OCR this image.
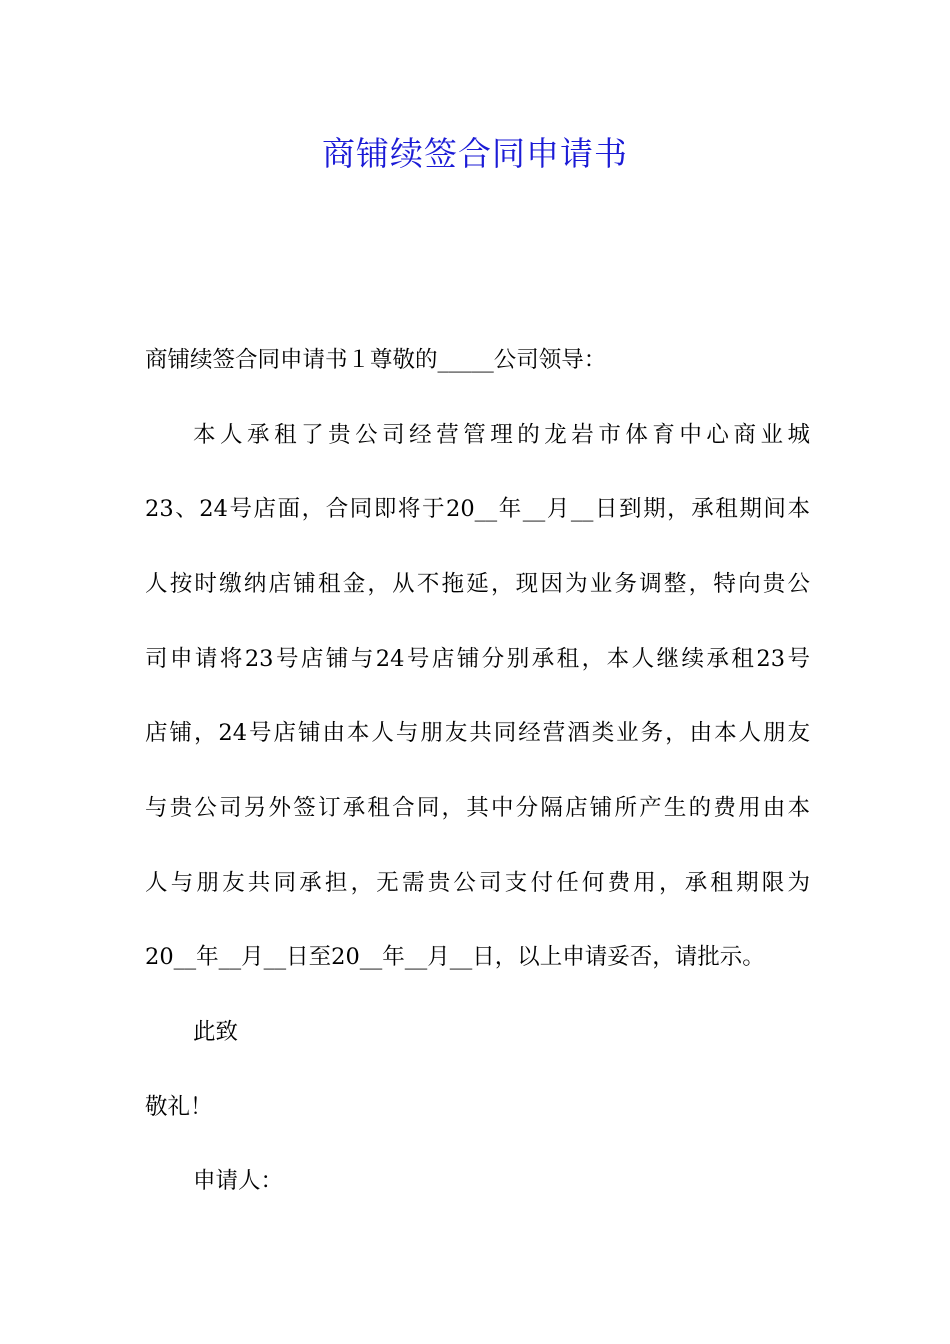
商铺续签合同申请书

商铺续签合同申请书１尊敬的_____公司领导：

本人承租了贵公司经营管理的龙岩市体育中心商业城

23、24号店面，合同即将于20__年__月__日到期，承租期间本

人按时缴纳店铺租金，从不拖延，现因为业务调整，特向贵公

司申请将23号店铺与24号店铺分别承租，本人继续承租23号

店铺，24号店铺由本人与朋友共同经营酒类业务，由本人朋友

与贵公司另外签订承租合同，其中分隔店铺所产生的费用由本

人与朋友共同承担，无需贵公司支付任何费用，承租期限为

20__年__月__日至20__年__月__日，以上申请妥否，请批示。

此致

敬礼！

申请人：
